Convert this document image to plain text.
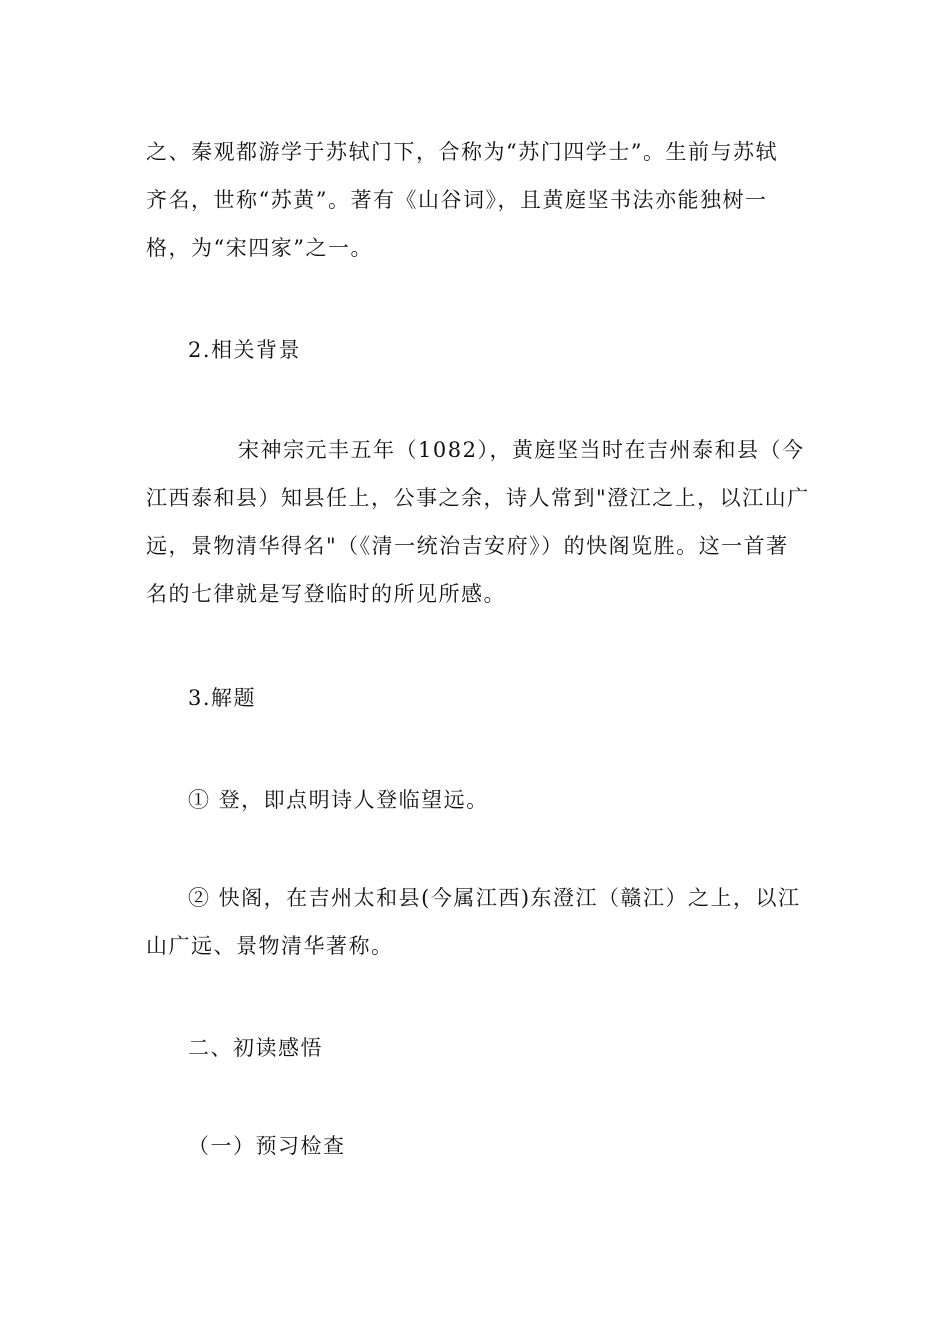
之、秦观都游学于苏轼门下，合称为“苏门四学士”。生前与苏轼
齐名，世称“苏黄”。著有《山谷词》，且黄庭坚书法亦能独树一
格，为“宋四家”之一。
2.相关背景
宋神宗元丰五年（1082），黄庭坚当时在吉州泰和县（今
江西泰和县）知县任上，公事之余，诗人常到"澄江之上，以江山广
远，景物清华得名"（《清一统治吉安府》）的快阁览胜。这一首著
名的七律就是写登临时的所见所感。
3.解题
① 登，即点明诗人登临望远。
② 快阁，在吉州太和县(今属江西)东澄江（赣江）之上，以江
山广远、景物清华著称。
二、初读感悟
（一）预习检查
